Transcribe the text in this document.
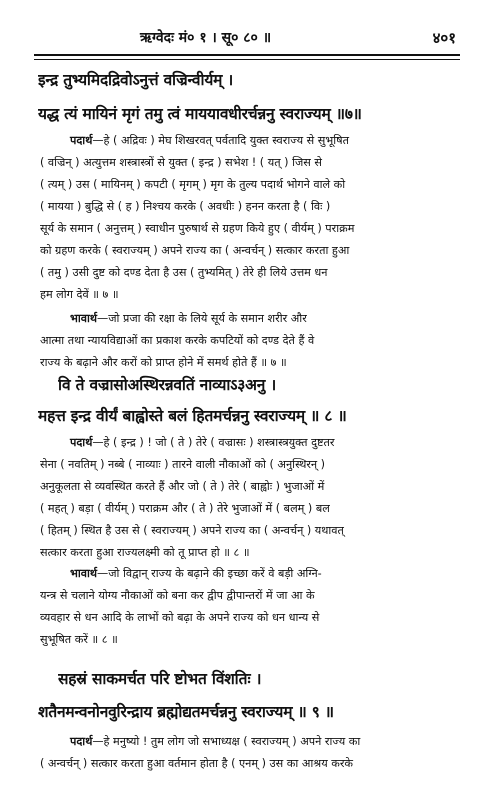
ऋग्वेदः मं० १ । सू० ८० ॥	४०१
इन्द्र तुभ्यमिदद्रिवोऽनुत्तं वज्रिन्वीर्यम् ।
यद्ध त्यं मायिनं मृगं तमु त्वं माययावधीरर्चन्ननु स्वराज्यम् ॥७॥
पदार्थ—हे ( अद्रिवः ) मेघ शिखरवत् पर्वतादि युक्त स्वराज्य से सुभूषित
( वज्रिन् ) अत्युत्तम शस्त्रास्त्रों से युक्त ( इन्द्र ) सभेश ! ( यत् ) जिस से
( त्यम् ) उस ( मायिनम् ) कपटी ( मृगम् ) मृग के तुल्य पदार्थ भोगने वाले को
( मायया ) बुद्धि से ( ह ) निश्चय करके ( अवधीः ) हनन करता है ( विः )
सूर्य के समान ( अनुत्तम् ) स्वाधीन पुरुषार्थ से ग्रहण किये हुए ( वीर्यम् ) पराक्रम
को ग्रहण करके ( स्वराज्यम् ) अपने राज्य का ( अन्वर्चन् ) सत्कार करता हुआ
( तमु ) उसी दुष्ट को दण्ड देता है उस ( तुभ्यमित् ) तेरे ही लिये उत्तम धन
हम लोग देवें ॥ ७ ॥
भावार्थ—जो प्रजा की रक्षा के लिये सूर्य के समान शरीर और
आत्मा तथा न्यायविद्याओं का प्रकाश करके कपटियों को दण्ड देते हैं वे
राज्य के बढ़ाने और करों को प्राप्त होने में समर्थ होते हैं ॥ ७ ॥
वि ते वज्रासोअस्थिरन्नवतिं नाव्याऽ३अनु ।
महत्त इन्द्र वीर्यं बाह्वोस्ते बलं हितमर्चन्ननु स्वराज्यम् ॥ ८ ॥
पदार्थ—हे ( इन्द्र ) ! जो ( ते ) तेरे ( वज्रासः ) शस्त्रास्त्रयुक्त दुष्टतर
सेना ( नवतिम् ) नब्बे ( नाव्याः ) तारने वाली नौकाओं को ( अनुस्थिरन् )
अनुकूलता से व्यवस्थित करते हैं और जो ( ते ) तेरे ( बाह्वोः ) भुजाओं में
( महत् ) बड़ा ( वीर्यम् ) पराक्रम और ( ते ) तेरे भुजाओं में ( बलम् ) बल
( हितम् ) स्थित है उस से ( स्वराज्यम् ) अपने राज्य का ( अन्वर्चन् ) यथावत्
सत्कार करता हुआ राज्यलक्ष्मी को तू प्राप्त हो ॥ ८ ॥
भावार्थ—जो विद्वान् राज्य के बढ़ाने की इच्छा करें वे बड़ी अग्नि-
यन्त्र से चलाने योग्य नौकाओं को बना कर द्वीप द्वीपान्तरों में जा आ के
व्यवहार से धन आदि के लाभों को बढ़ा के अपने राज्य को धन धान्य से
सुभूषित करें ॥ ८ ॥
सहस्रं साकमर्चत परि ष्टोभत विंशतिः ।
शतैनमन्वनोनवुरिन्द्राय ब्रह्मोद्यतमर्चन्ननु स्वराज्यम् ॥ ९ ॥
पदार्थ—हे मनुष्यो ! तुम लोग जो सभाध्यक्ष ( स्वराज्यम् ) अपने राज्य का
( अन्वर्चन् ) सत्कार करता हुआ वर्तमान होता है ( एनम् ) उस का आश्रय करके
